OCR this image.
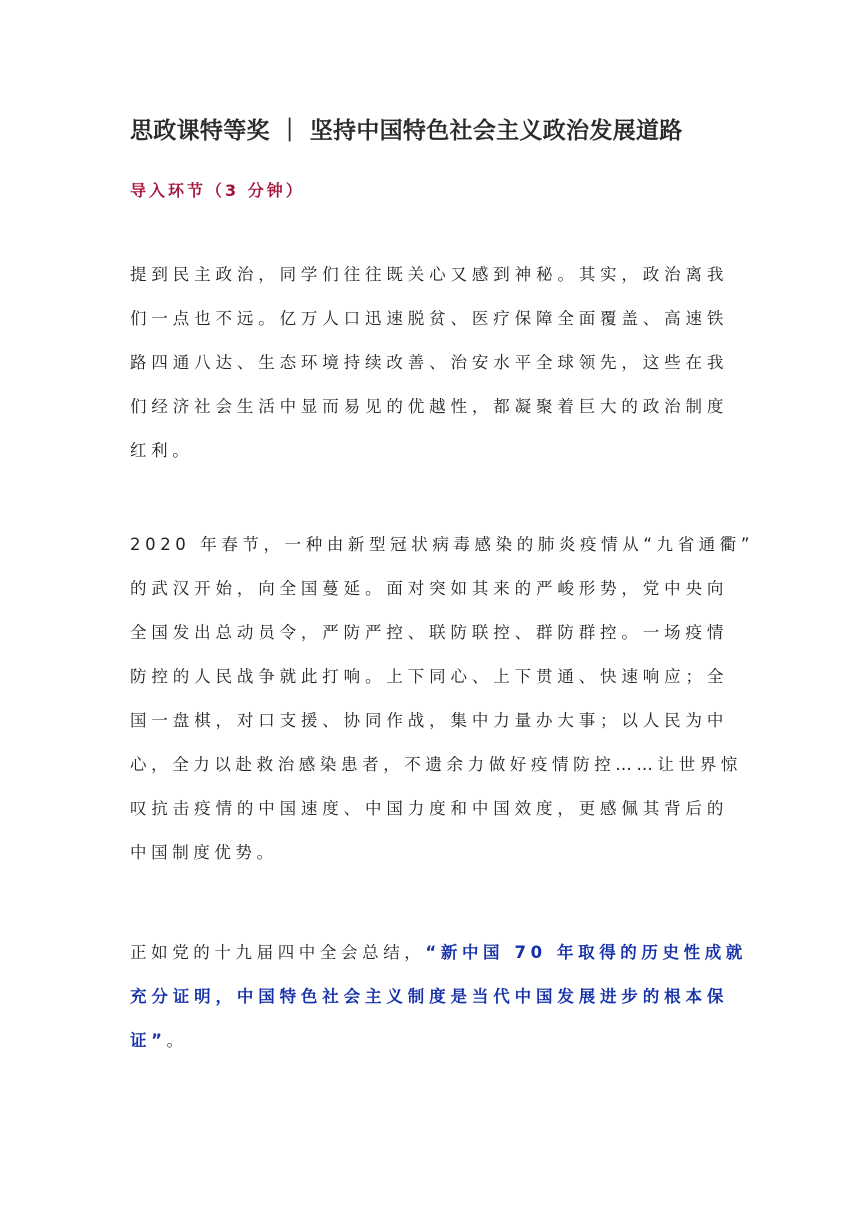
思政课特等奖 ｜ 坚持中国特色社会主义政治发展道路
导入环节（3 分钟）
提到民主政治，同学们往往既关心又感到神秘。其实，政治离我
们一点也不远。亿万人口迅速脱贫、医疗保障全面覆盖、高速铁
路四通八达、生态环境持续改善、治安水平全球领先，这些在我
们经济社会生活中显而易见的优越性，都凝聚着巨大的政治制度
红利。
2020 年春节，一种由新型冠状病毒感染的肺炎疫情从“九省通衢”
的武汉开始，向全国蔓延。面对突如其来的严峻形势，党中央向
全国发出总动员令，严防严控、联防联控、群防群控。一场疫情
防控的人民战争就此打响。上下同心、上下贯通、快速响应；全
国一盘棋，对口支援、协同作战，集中力量办大事；以人民为中
心，全力以赴救治感染患者，不遗余力做好疫情防控……让世界惊
叹抗击疫情的中国速度、中国力度和中国效度，更感佩其背后的
中国制度优势。
正如党的十九届四中全会总结，“新中国 70 年取得的历史性成就
充分证明，中国特色社会主义制度是当代中国发展进步的根本保
证”。
